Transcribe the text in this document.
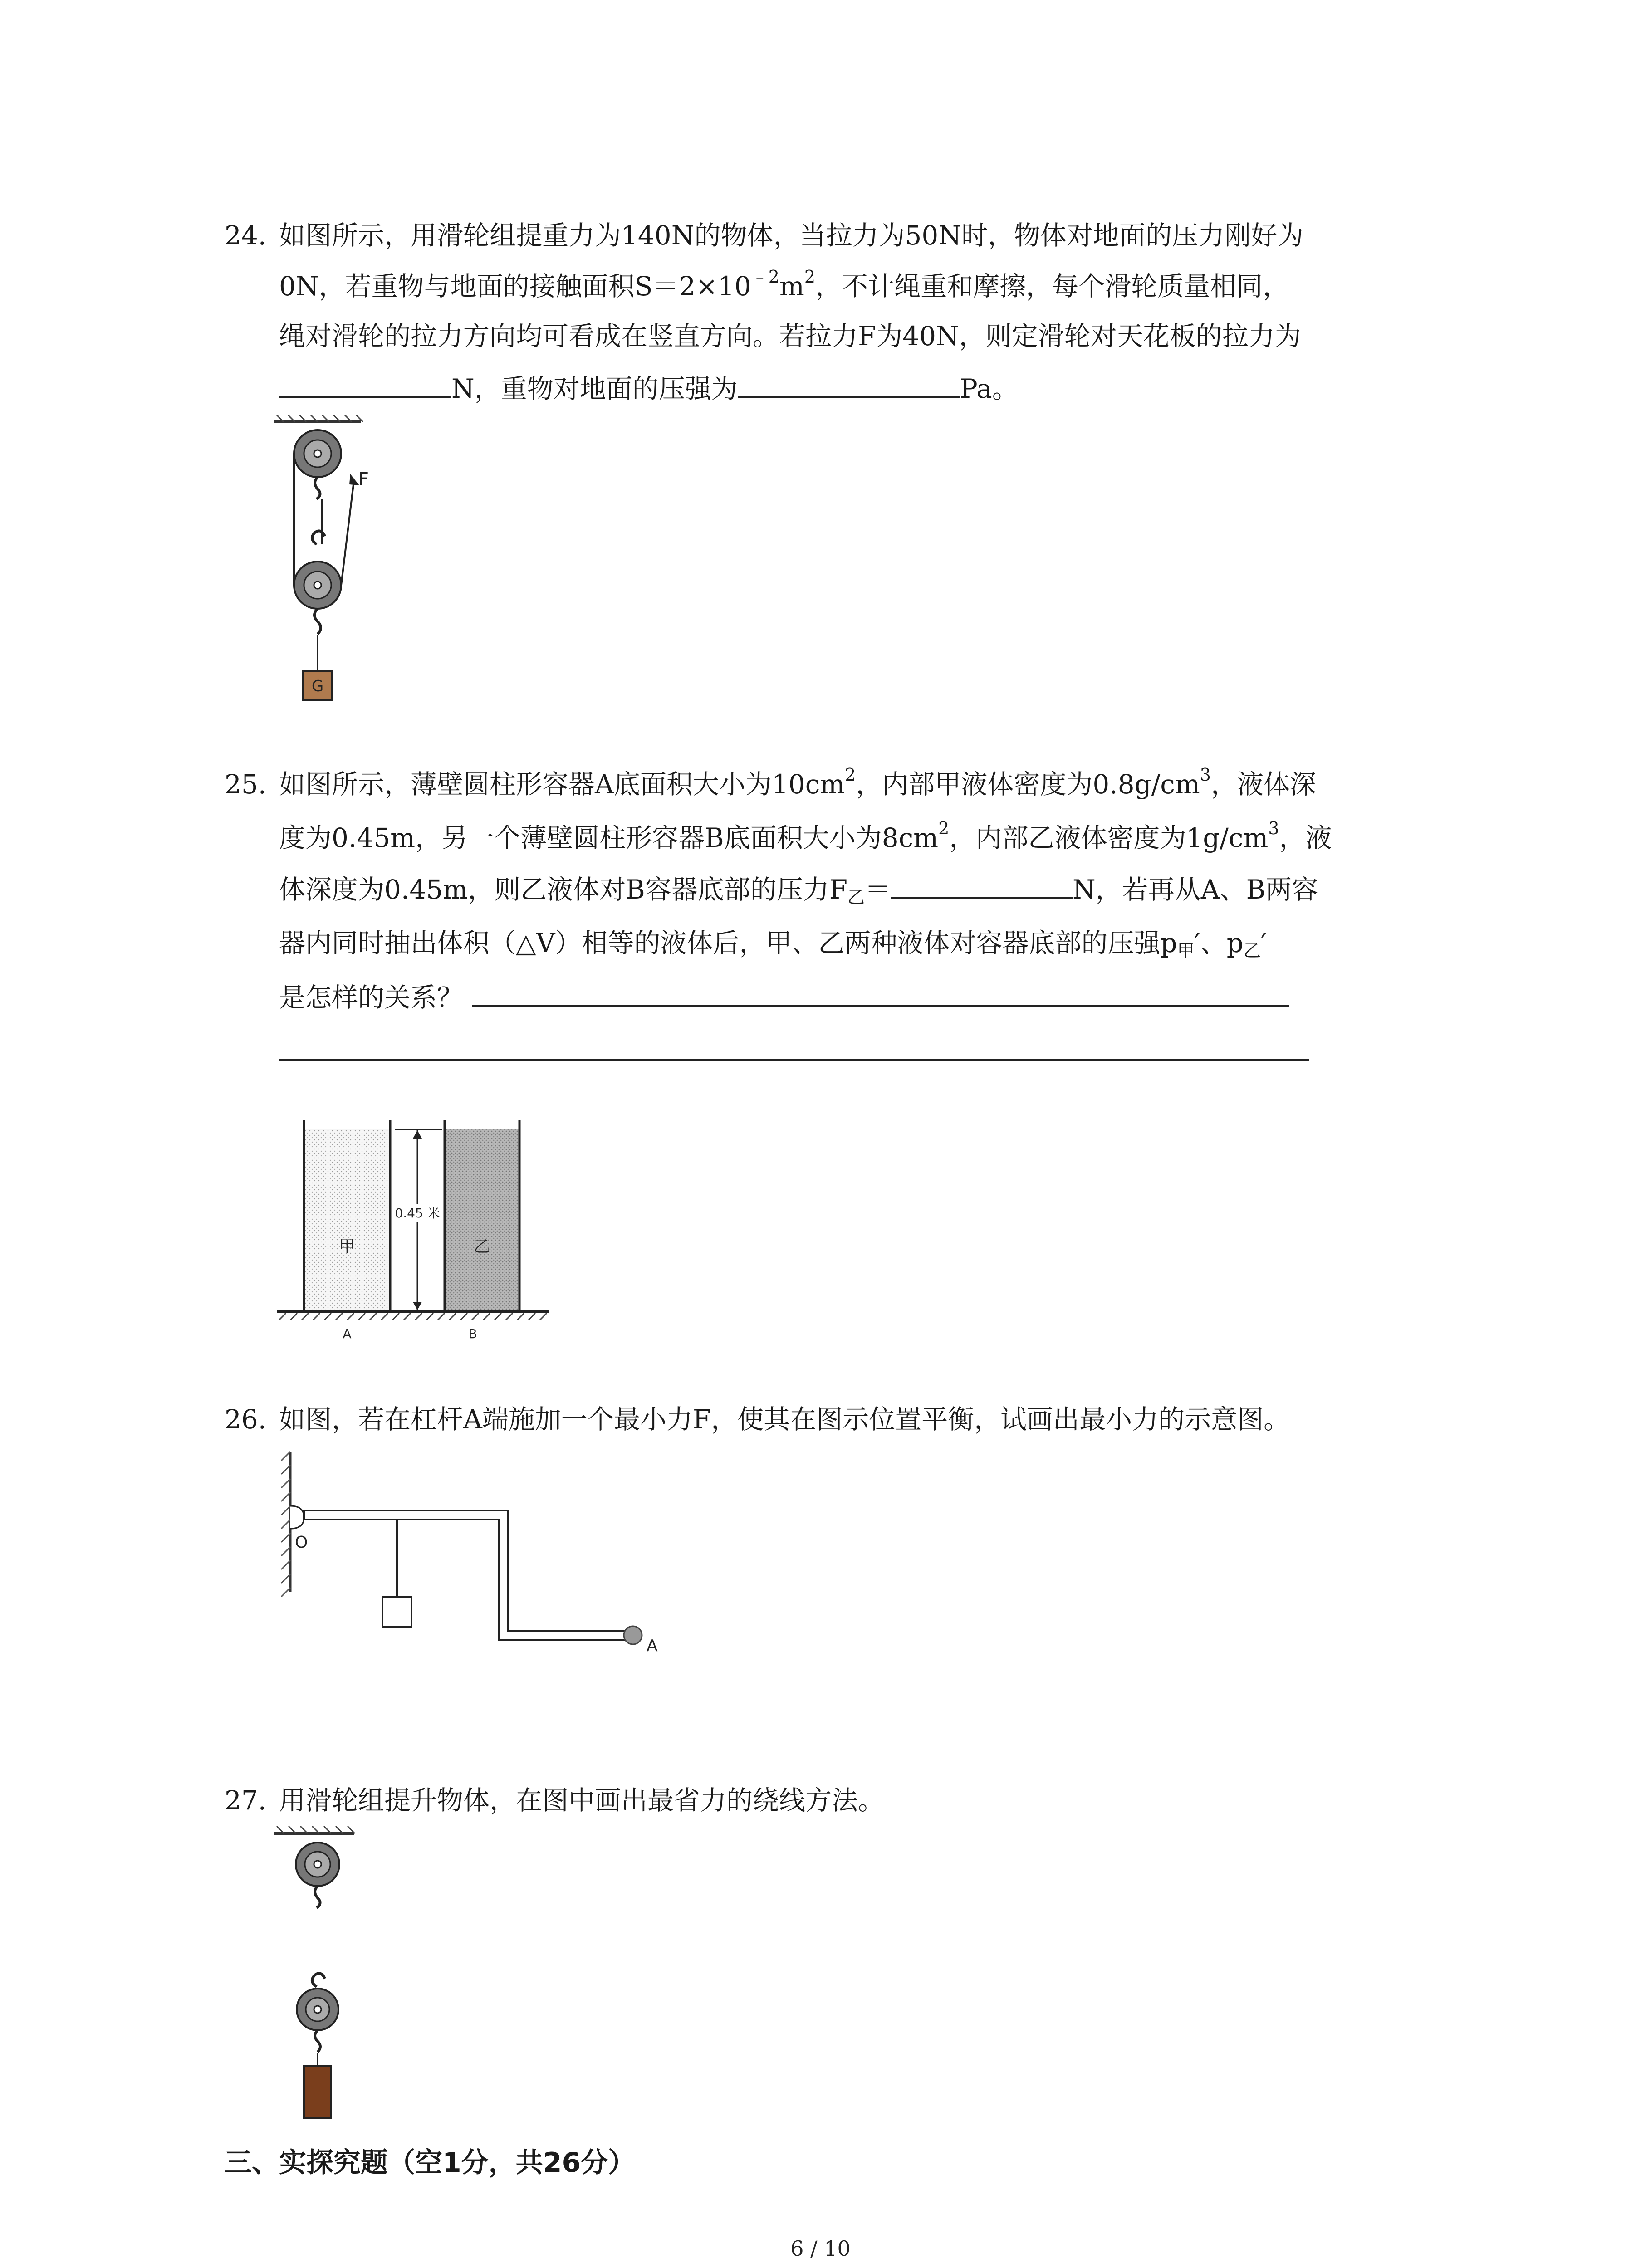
24. 如图所示，用滑轮组提重力为140N的物体，当拉力为50N时，物体对地面的压力刚好为
0N，若重物与地面的接触面积$S=2\times 10^{﹣2}m^2$，不计绳重和摩擦，每个滑轮质量相同，
绳对滑轮的拉力方向均可看成在竖直方向。若拉力F为40N，则定滑轮对天花板的拉力为
N，重物对地面的压强为	Pa。
F
G
25. 如图所示，薄壁圆柱形容器A底面积大小为$10cm^2$，内部甲液体密度为$0.8g/cm^3$，液体深
度为0.45m，另一个薄壁圆柱形容器B底面积大小为$8cm^2$，内部乙液体密度为$1g/cm^3$，液
体深度为0.45m，则乙液体对B容器底部的压力$F_乙=$	N，若再从A、B两容
器内同时抽出体积（△V）相等的液体后，甲、乙两种液体对容器底部的压强$p_甲'$、$p_乙'$
是怎样的关系？
0.45 米
甲	乙
A	B
26. 如图，若在杠杆A端施加一个最小力F，使其在图示位置平衡，试画出最小力的示意图。
O
A
27. 用滑轮组提升物体，在图中画出最省力的绕线方法。
三、实探究题（空1分，共26分）
6 / 10
